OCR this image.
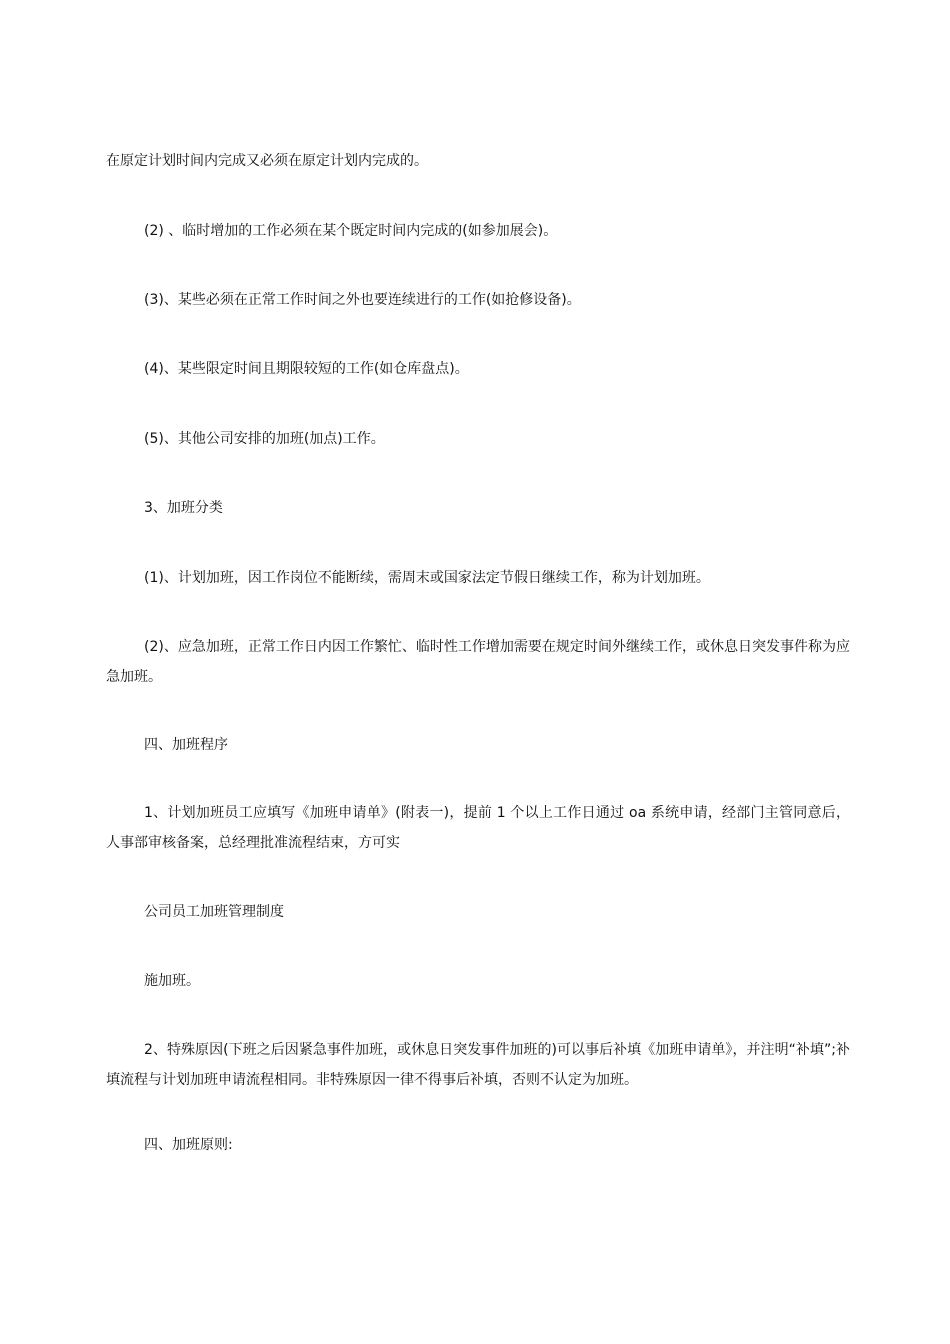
在原定计划时间内完成又必须在原定计划内完成的。

(2) 、临时增加的工作必须在某个既定时间内完成的(如参加展会)。

(3)、某些必须在正常工作时间之外也要连续进行的工作(如抢修设备)。

(4)、某些限定时间且期限较短的工作(如仓库盘点)。

(5)、其他公司安排的加班(加点)工作。

3、加班分类

(1)、计划加班，因工作岗位不能断续，需周末或国家法定节假日继续工作，称为计划加班。

(2)、应急加班，正常工作日内因工作繁忙、临时性工作增加需要在规定时间外继续工作，或休息日突发事件称为应急加班。

四、加班程序

1、计划加班员工应填写《加班申请单》(附表一)，提前 1 个以上工作日通过 oa 系统申请，经部门主管同意后，人事部审核备案，总经理批准流程结束，方可实

公司员工加班管理制度

施加班。

2、特殊原因(下班之后因紧急事件加班，或休息日突发事件加班的)可以事后补填《加班申请单》，并注明“补填”;补填流程与计划加班申请流程相同。非特殊原因一律不得事后补填，否则不认定为加班。

四、加班原则:
